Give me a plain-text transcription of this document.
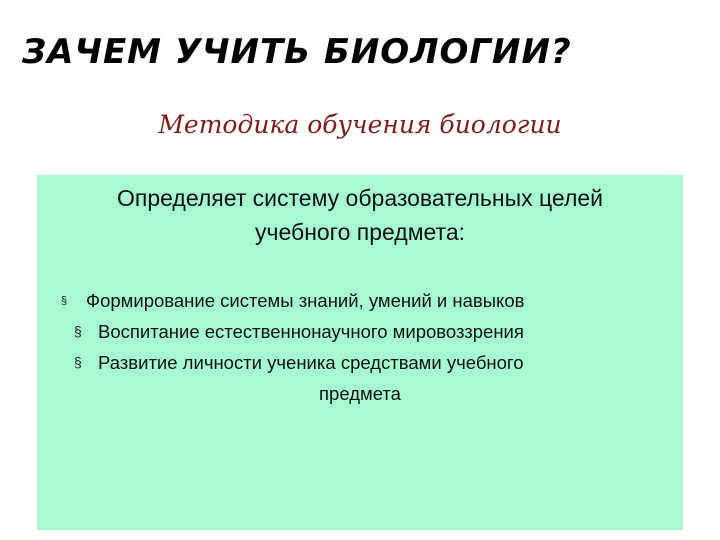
ЗАЧЕМ УЧИТЬ БИОЛОГИИ?
Методика обучения биологии
Определяет систему образовательных целей
учебного предмета:
§ Формирование системы знаний, умений и навыков
§ Воспитание естественнонаучного мировоззрения
§ Развитие личности ученика средствами учебного
предмета
